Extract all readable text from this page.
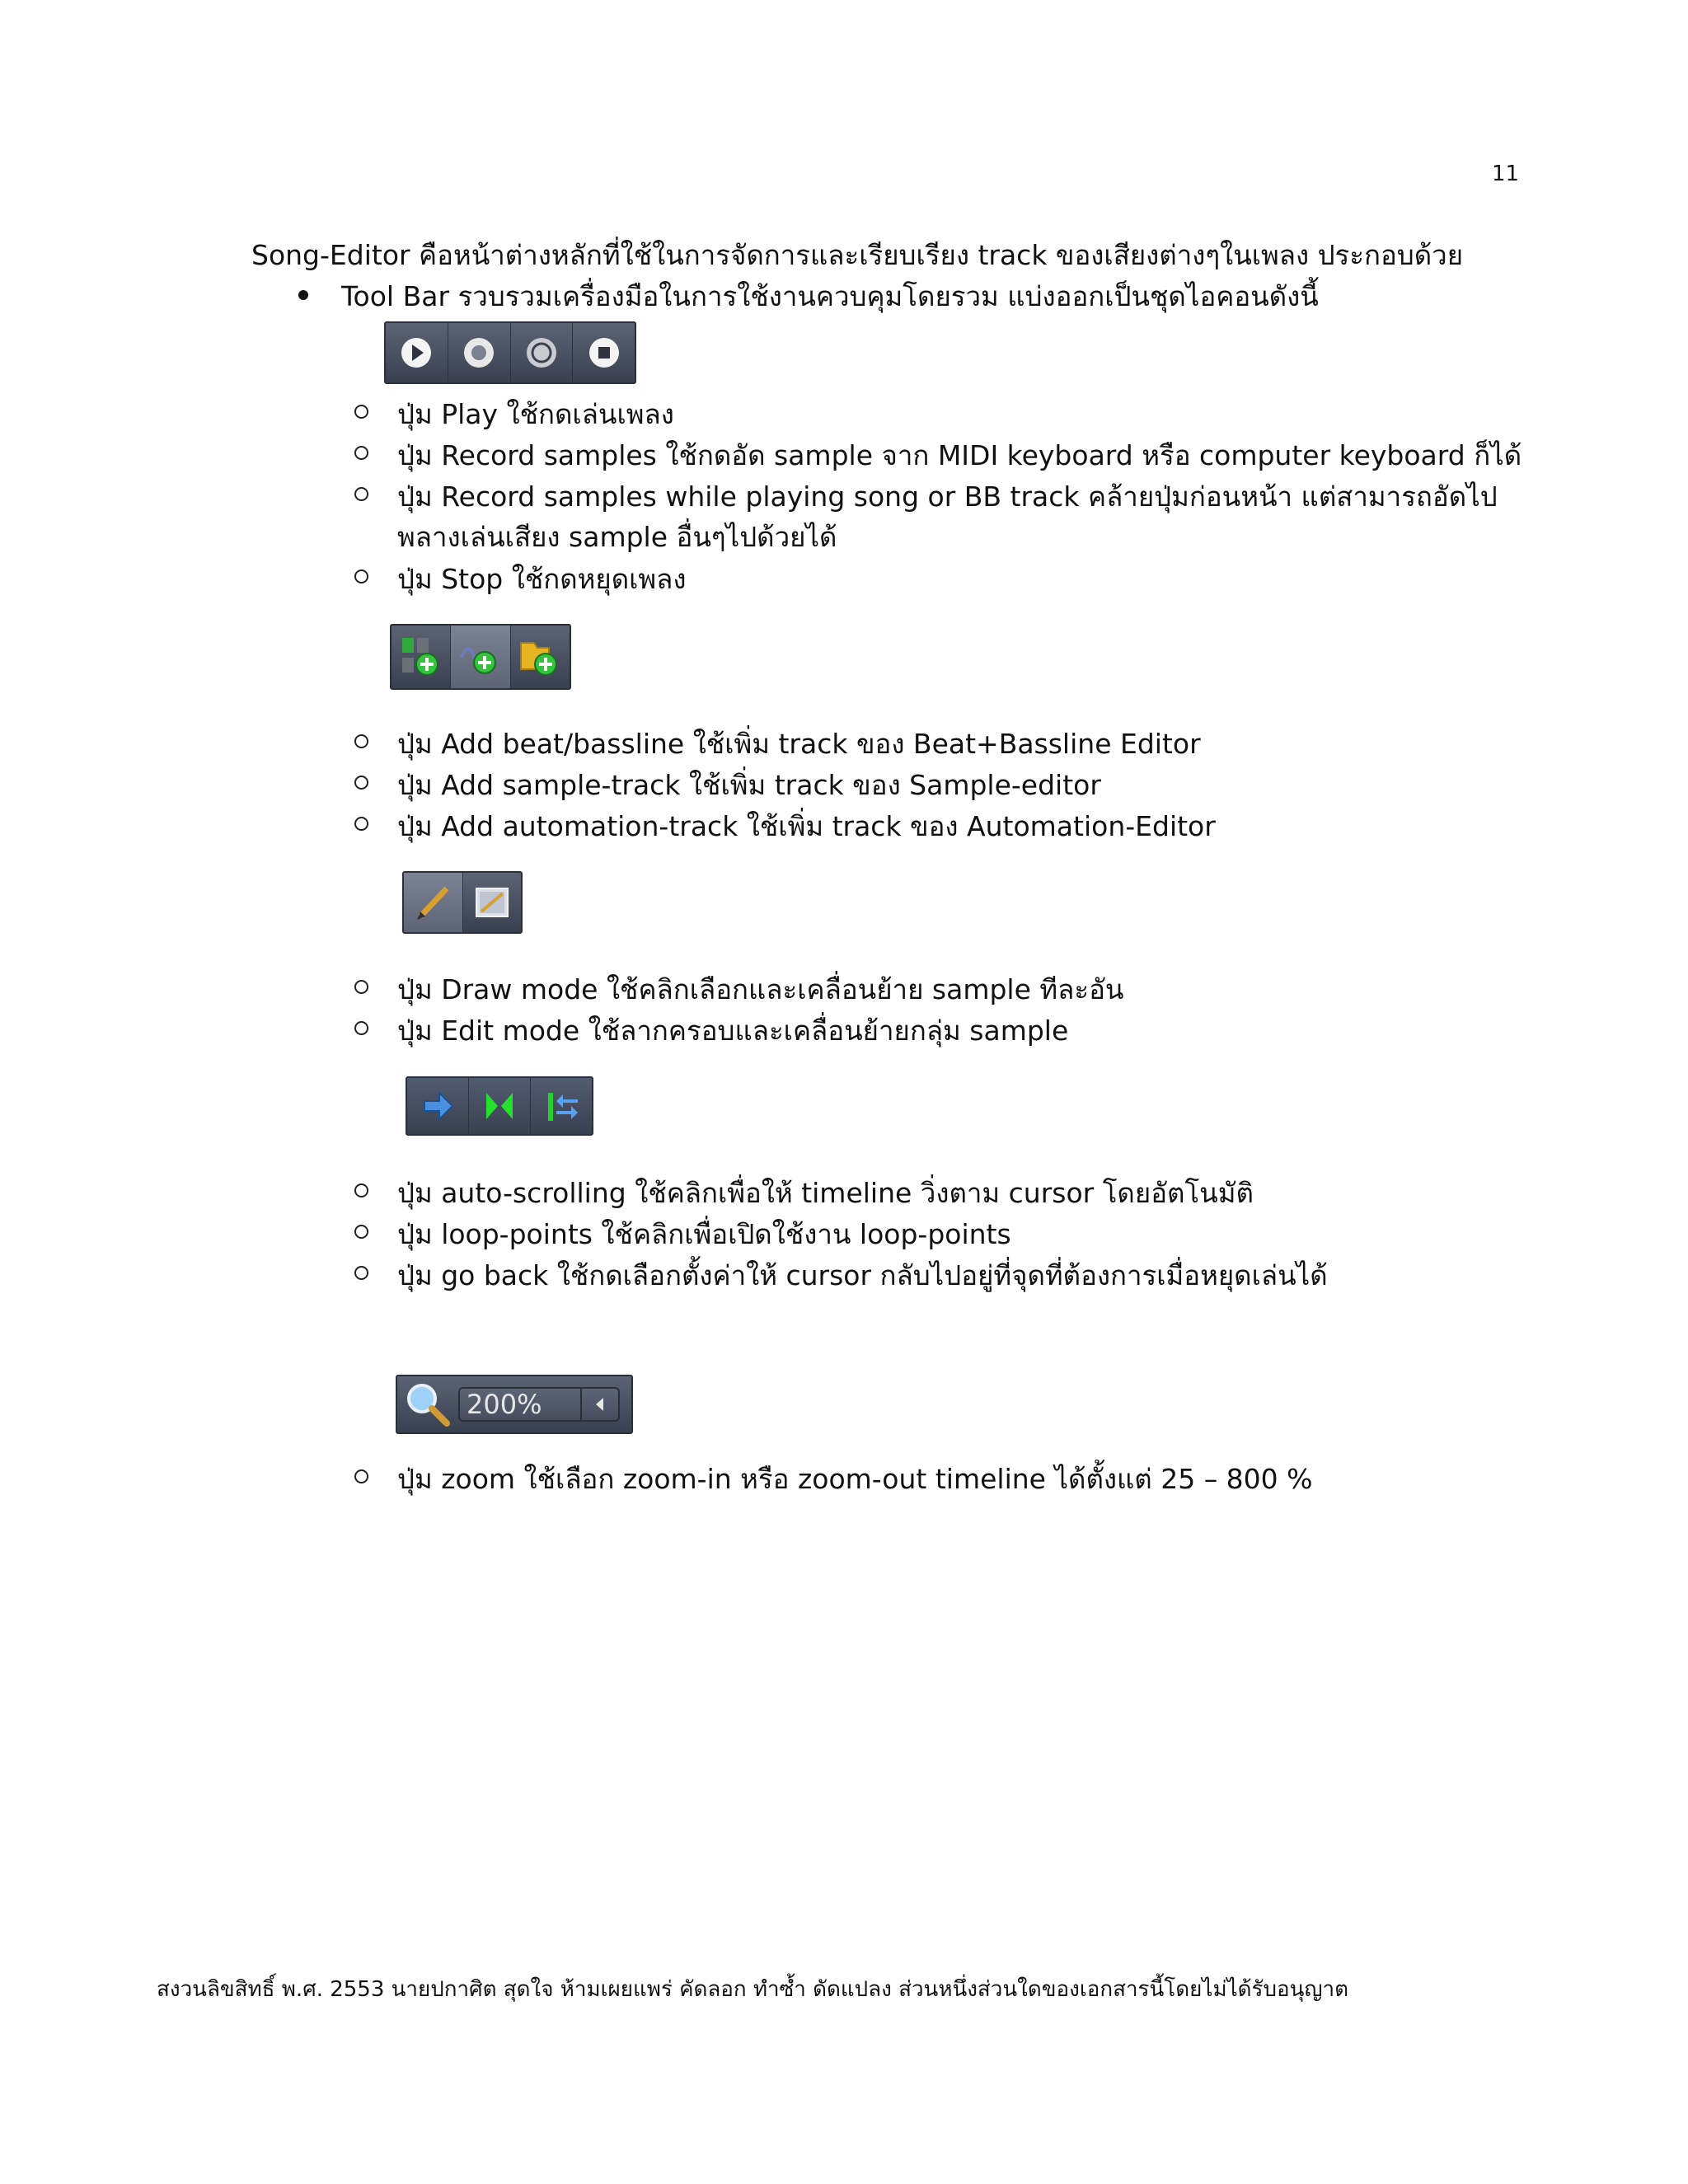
11
Song-Editor คือหน้าต่างหลักที่ใช้ในการจัดการและเรียบเรียง track ของเสียงต่างๆในเพลง ประกอบด้วย
Tool Bar รวบรวมเครื่องมือในการใช้งานควบคุมโดยรวม แบ่งออกเป็นชุดไอคอนดังนี้
ปุ่ม Play ใช้กดเล่นเพลง
ปุ่ม Record samples ใช้กดอัด sample จาก MIDI keyboard หรือ computer keyboard ก็ได้
ปุ่ม Record samples while playing song or BB track คล้ายปุ่มก่อนหน้า แต่สามารถอัดไปพลางเล่นเสียง sample อื่นๆไปด้วยได้
ปุ่ม Stop ใช้กดหยุดเพลง
ปุ่ม Add beat/bassline ใช้เพิ่ม track ของ Beat+Bassline Editor
ปุ่ม Add sample-track ใช้เพิ่ม track ของ Sample-editor
ปุ่ม Add automation-track ใช้เพิ่ม track ของ Automation-Editor
ปุ่ม Draw mode ใช้คลิกเลือกและเคลื่อนย้าย sample ทีละอัน
ปุ่ม Edit mode ใช้ลากครอบและเคลื่อนย้ายกลุ่ม sample
ปุ่ม auto-scrolling ใช้คลิกเพื่อให้ timeline วิ่งตาม cursor โดยอัตโนมัติ
ปุ่ม loop-points ใช้คลิกเพื่อเปิดใช้งาน loop-points
ปุ่ม go back ใช้กดเลือกตั้งค่าให้ cursor กลับไปอยู่ที่จุดที่ต้องการเมื่อหยุดเล่นได้
200%
ปุ่ม zoom ใช้เลือก zoom-in หรือ zoom-out timeline ได้ตั้งแต่ 25 – 800 %
สงวนลิขสิทธิ์ พ.ศ. 2553 นายปกาศิต สุดใจ ห้ามเผยแพร่ คัดลอก ทำซ้ำ ดัดแปลง ส่วนหนึ่งส่วนใดของเอกสารนี้โดยไม่ได้รับอนุญาต
